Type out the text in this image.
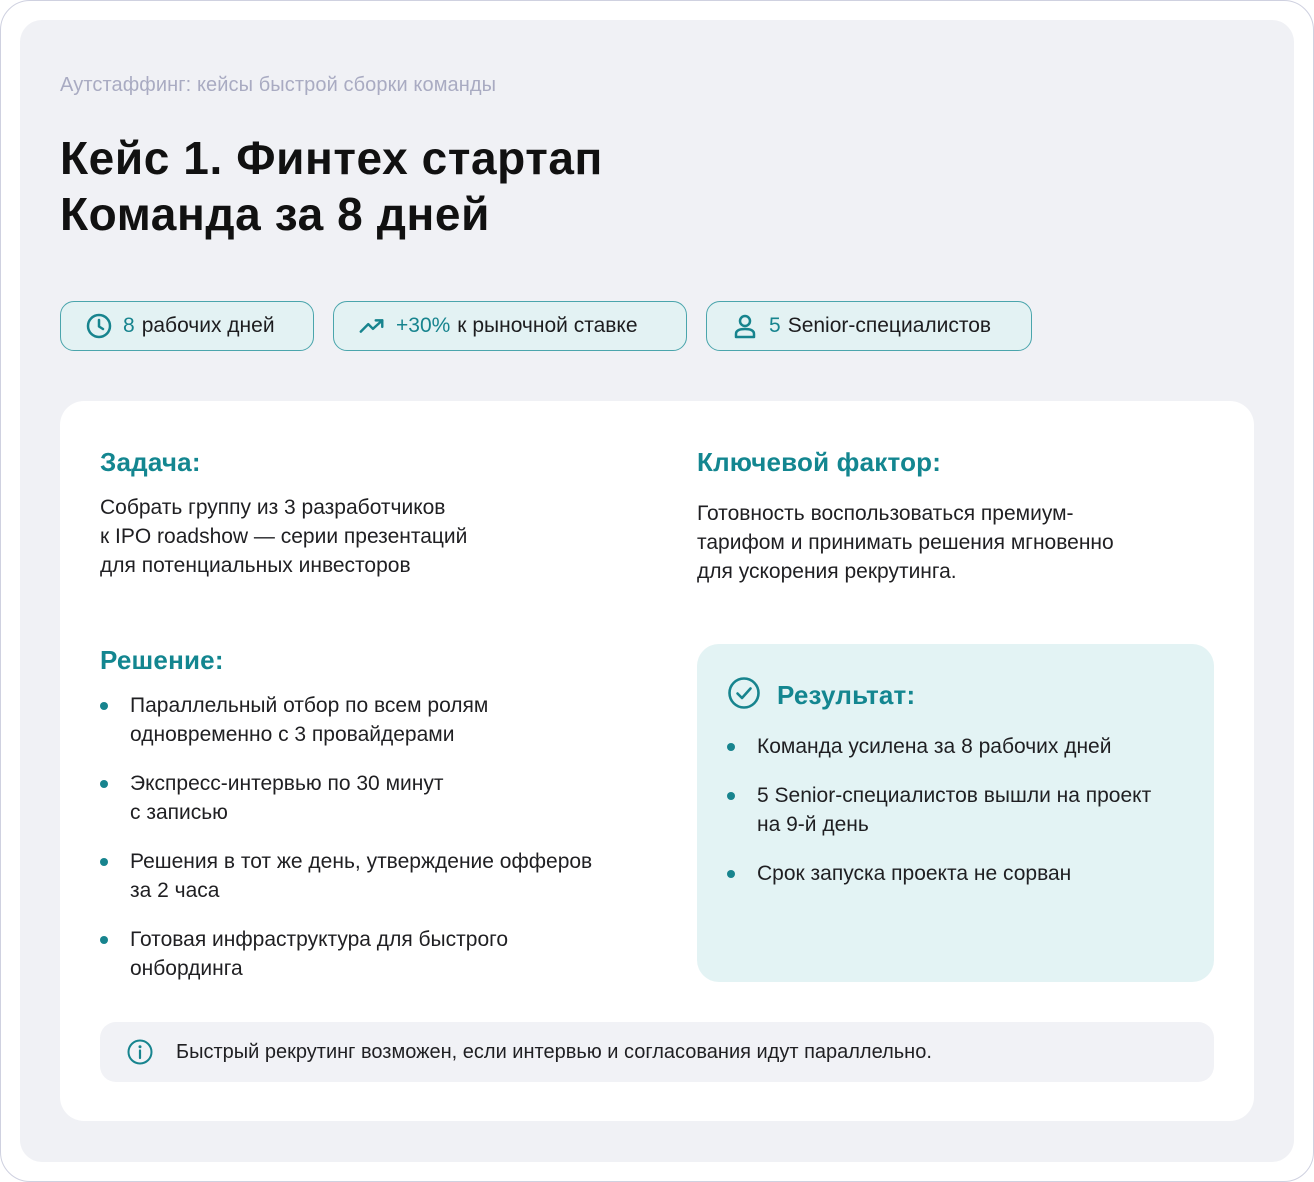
Аутстаффинг: кейсы быстрой сборки команды
Кейс 1. Финтех стартап
Команда за 8 дней
8 рабочих дней	+30% к рыночной ставке	5 Senior-специалистов
Задача:
Собрать группу из 3 разработчиков
к IPO roadshow — серии презентаций
для потенциальных инвесторов
Ключевой фактор:
Готовность воспользоваться премиум-
тарифом и принимать решения мгновенно
для ускорения рекрутинга.
Решение:
Параллельный отбор по всем ролям
одновременно с 3 провайдерами
Экспресс-интервью по 30 минут
с записью
Решения в тот же день, утверждение офферов
за 2 часа
Готовая инфраструктура для быстрого
онбординга
Результат:
Команда усилена за 8 рабочих дней
5 Senior-специалистов вышли на проект
на 9-й день
Срок запуска проекта не сорван
Быстрый рекрутинг возможен, если интервью и согласования идут параллельно.
